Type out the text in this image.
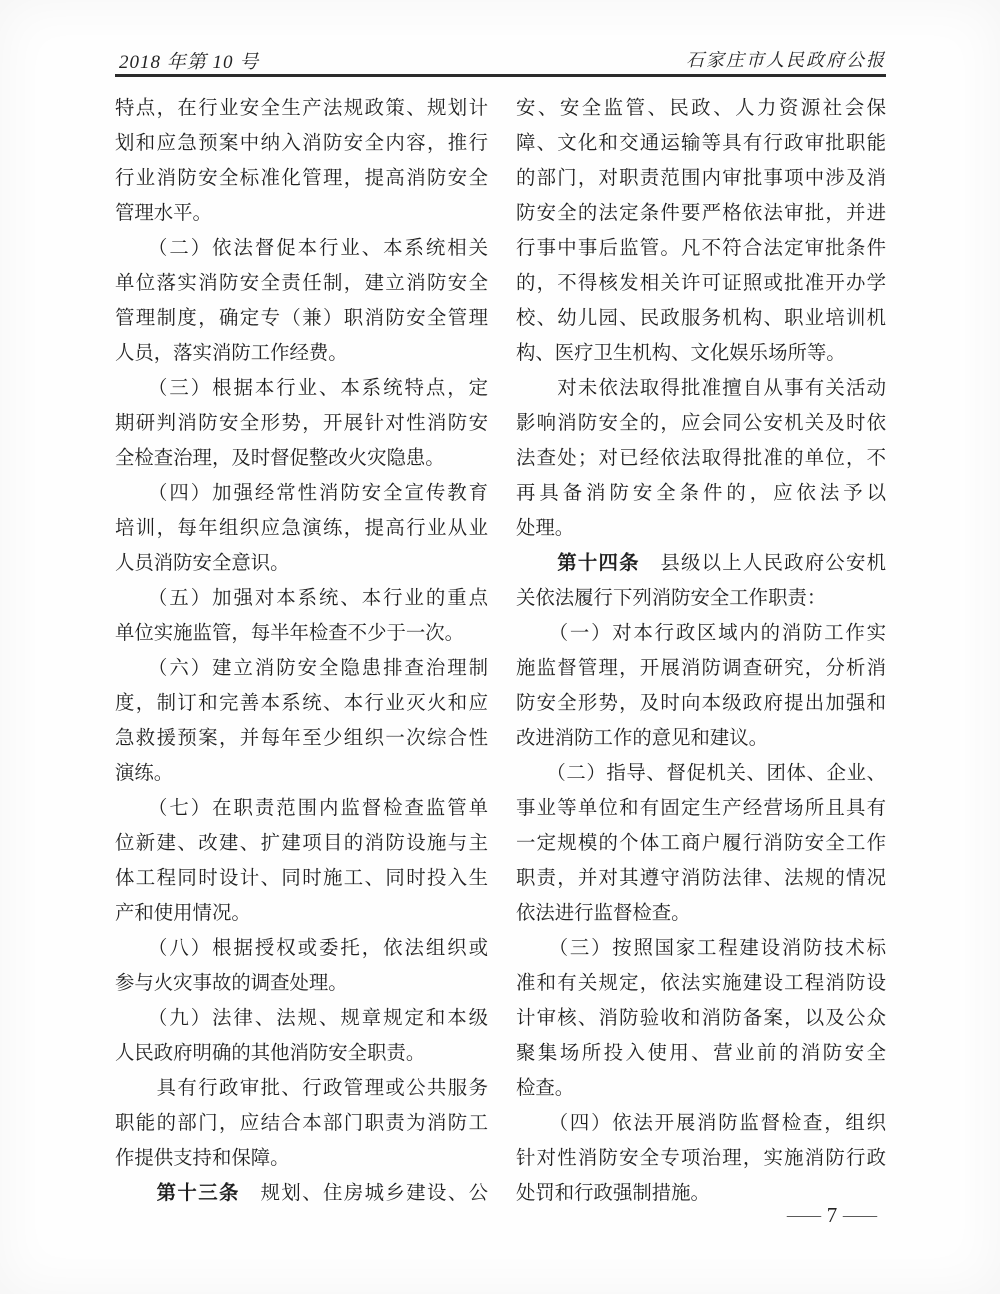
2018 年第 10 号	石家庄市人民政府公报
特点，在行业安全生产法规政策、规划计
划和应急预案中纳入消防安全内容，推行
行业消防安全标准化管理，提高消防安全
管理水平。
　　（二）依法督促本行业、本系统相关
单位落实消防安全责任制，建立消防安全
管理制度，确定专（兼）职消防安全管理
人员，落实消防工作经费。
　　（三）根据本行业、本系统特点，定
期研判消防安全形势，开展针对性消防安
全检查治理，及时督促整改火灾隐患。
　　（四）加强经常性消防安全宣传教育
培训，每年组织应急演练，提高行业从业
人员消防安全意识。
　　（五）加强对本系统、本行业的重点
单位实施监管，每半年检查不少于一次。
　　（六）建立消防安全隐患排查治理制
度，制订和完善本系统、本行业灭火和应
急救援预案，并每年至少组织一次综合性
演练。
　　（七）在职责范围内监督检查监管单
位新建、改建、扩建项目的消防设施与主
体工程同时设计、同时施工、同时投入生
产和使用情况。
　　（八）根据授权或委托，依法组织或
参与火灾事故的调查处理。
　　（九）法律、法规、规章规定和本级
人民政府明确的其他消防安全职责。
　　具有行政审批、行政管理或公共服务
职能的部门，应结合本部门职责为消防工
作提供支持和保障。
　　第十三条　规划、住房城乡建设、公
安、安全监管、民政、人力资源社会保
障、文化和交通运输等具有行政审批职能
的部门，对职责范围内审批事项中涉及消
防安全的法定条件要严格依法审批，并进
行事中事后监管。凡不符合法定审批条件
的，不得核发相关许可证照或批准开办学
校、幼儿园、民政服务机构、职业培训机
构、医疗卫生机构、文化娱乐场所等。
　　对未依法取得批准擅自从事有关活动
影响消防安全的，应会同公安机关及时依
法查处；对已经依法取得批准的单位，不
再具备消防安全条件的，应依法予以
处理。
　　第十四条　县级以上人民政府公安机
关依法履行下列消防安全工作职责：
　　（一）对本行政区域内的消防工作实
施监督管理，开展消防调查研究，分析消
防安全形势，及时向本级政府提出加强和
改进消防工作的意见和建议。
　　（二）指导、督促机关、团体、企业、
事业等单位和有固定生产经营场所且具有
一定规模的个体工商户履行消防安全工作
职责，并对其遵守消防法律、法规的情况
依法进行监督检查。
　　（三）按照国家工程建设消防技术标
准和有关规定，依法实施建设工程消防设
计审核、消防验收和消防备案，以及公众
聚集场所投入使用、营业前的消防安全
检查。
　　（四）依法开展消防监督检查，组织
针对性消防安全专项治理，实施消防行政
处罚和行政强制措施。
— 7 —
